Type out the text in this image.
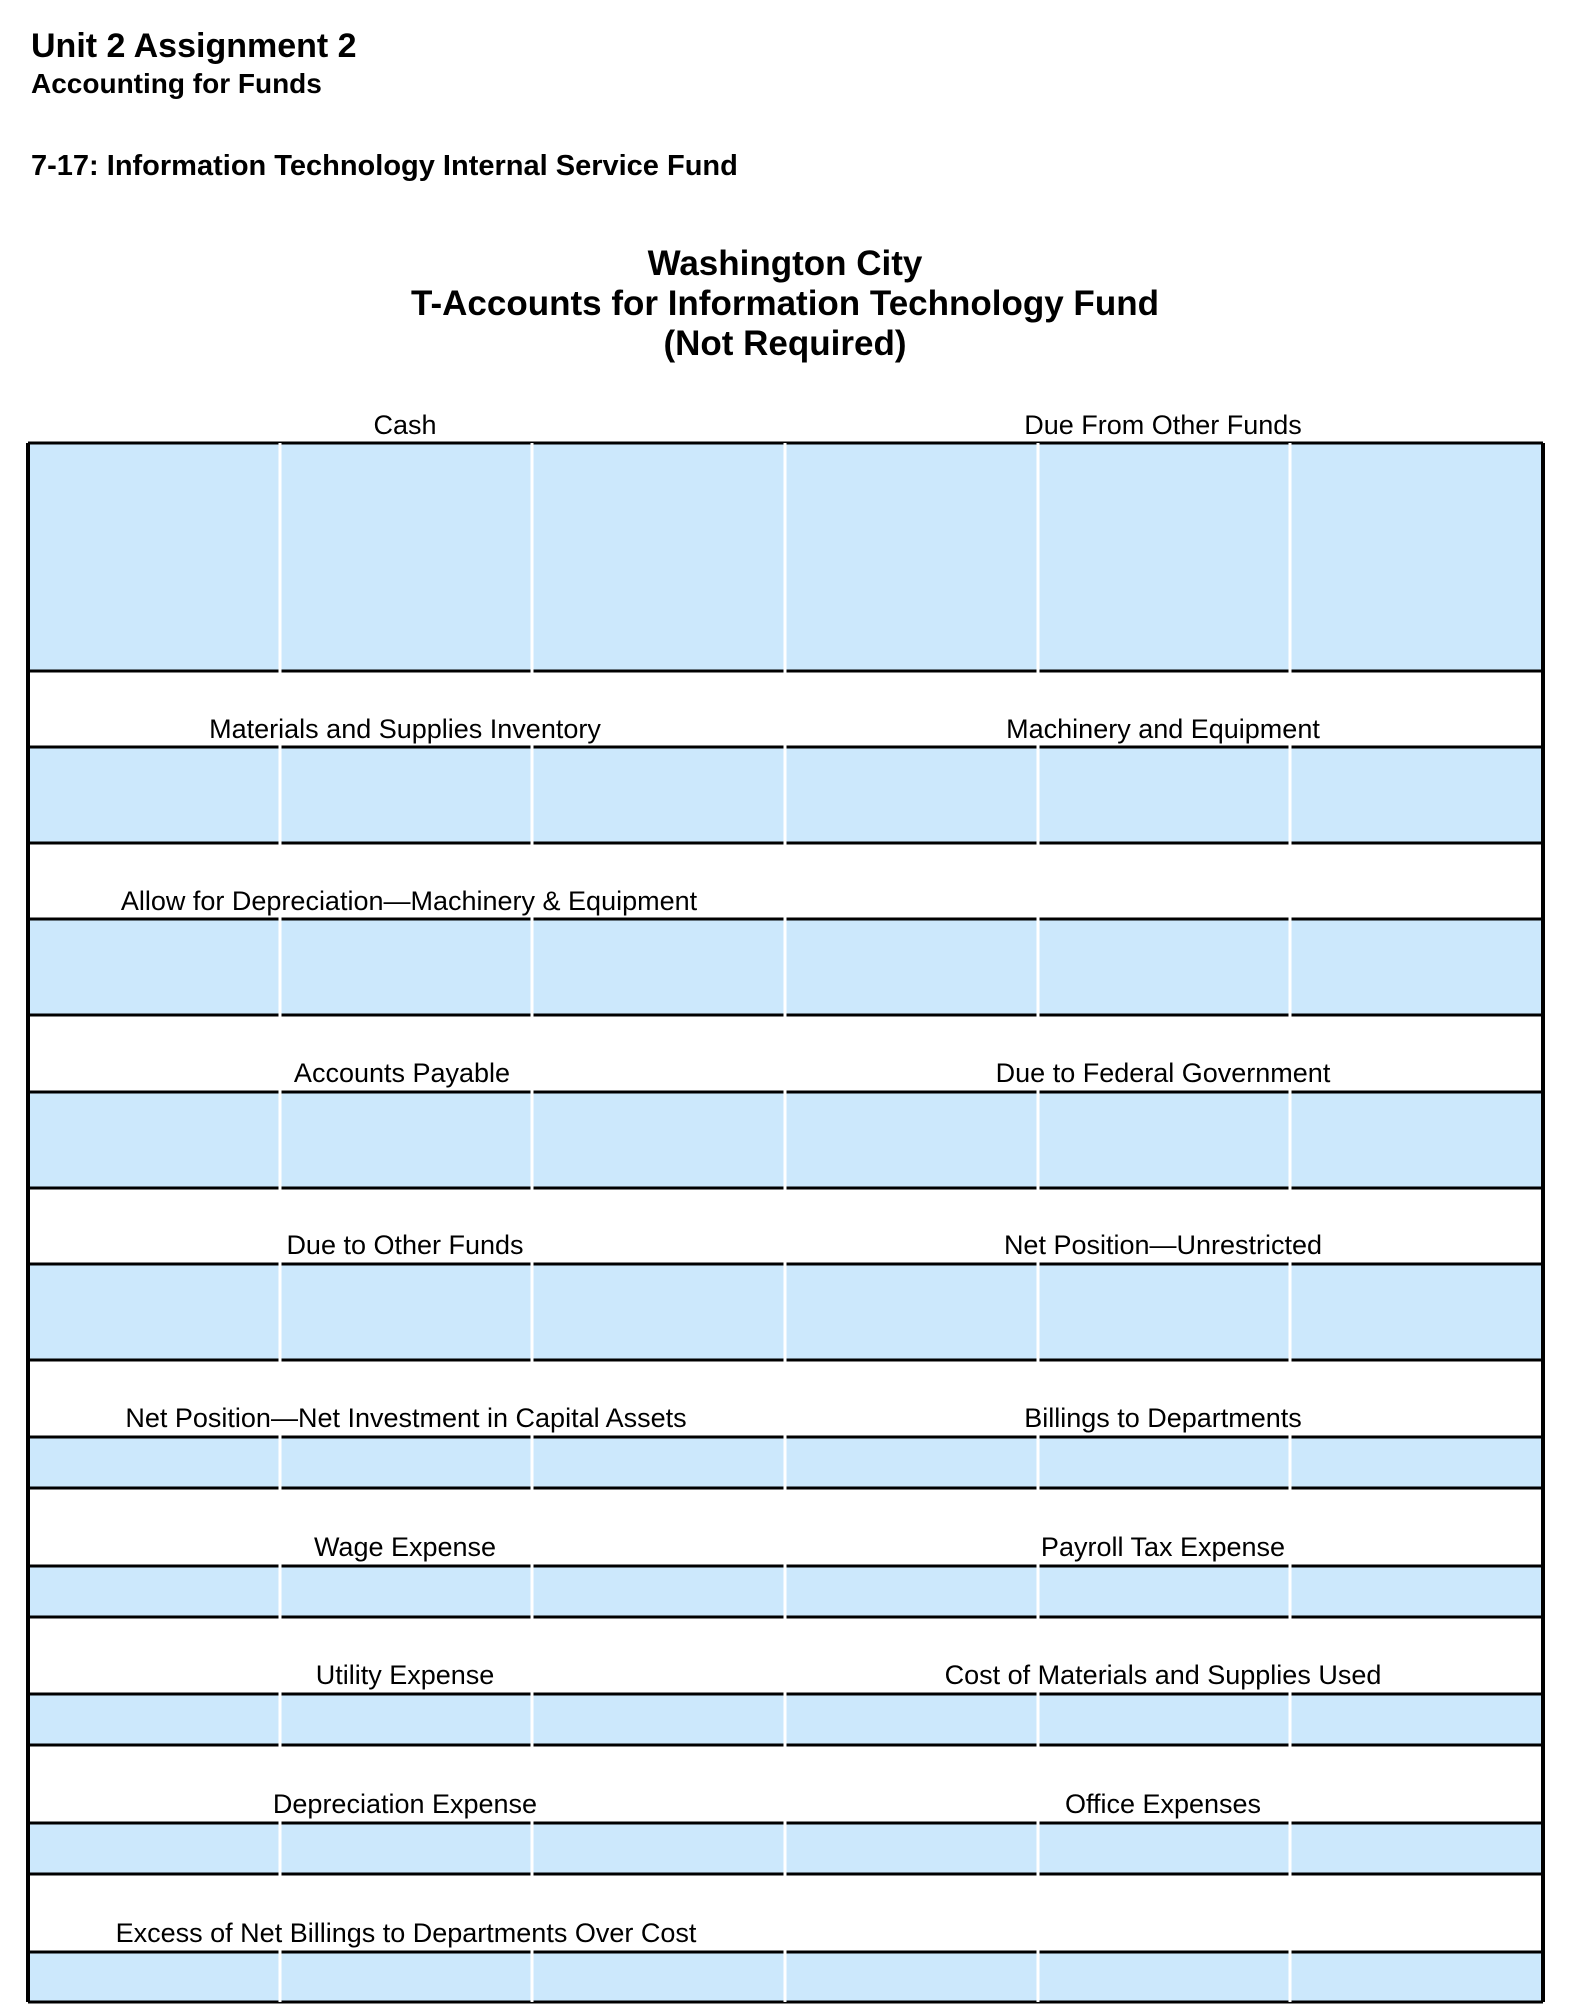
Unit 2 Assignment 2
Accounting for Funds
7-17: Information Technology Internal Service Fund
Washington City
T-Accounts for Information Technology Fund
(Not Required)
Cash	Due From Other Funds
Materials and Supplies Inventory	Machinery and Equipment
Allow for Depreciation—Machinery & Equipment
Accounts Payable	Due to Federal Government
Due to Other Funds	Net Position—Unrestricted
Net Position—Net Investment in Capital Assets	Billings to Departments
Wage Expense	Payroll Tax Expense
Utility Expense	Cost of Materials and Supplies Used
Depreciation Expense	Office Expenses
Excess of Net Billings to Departments Over Cost
